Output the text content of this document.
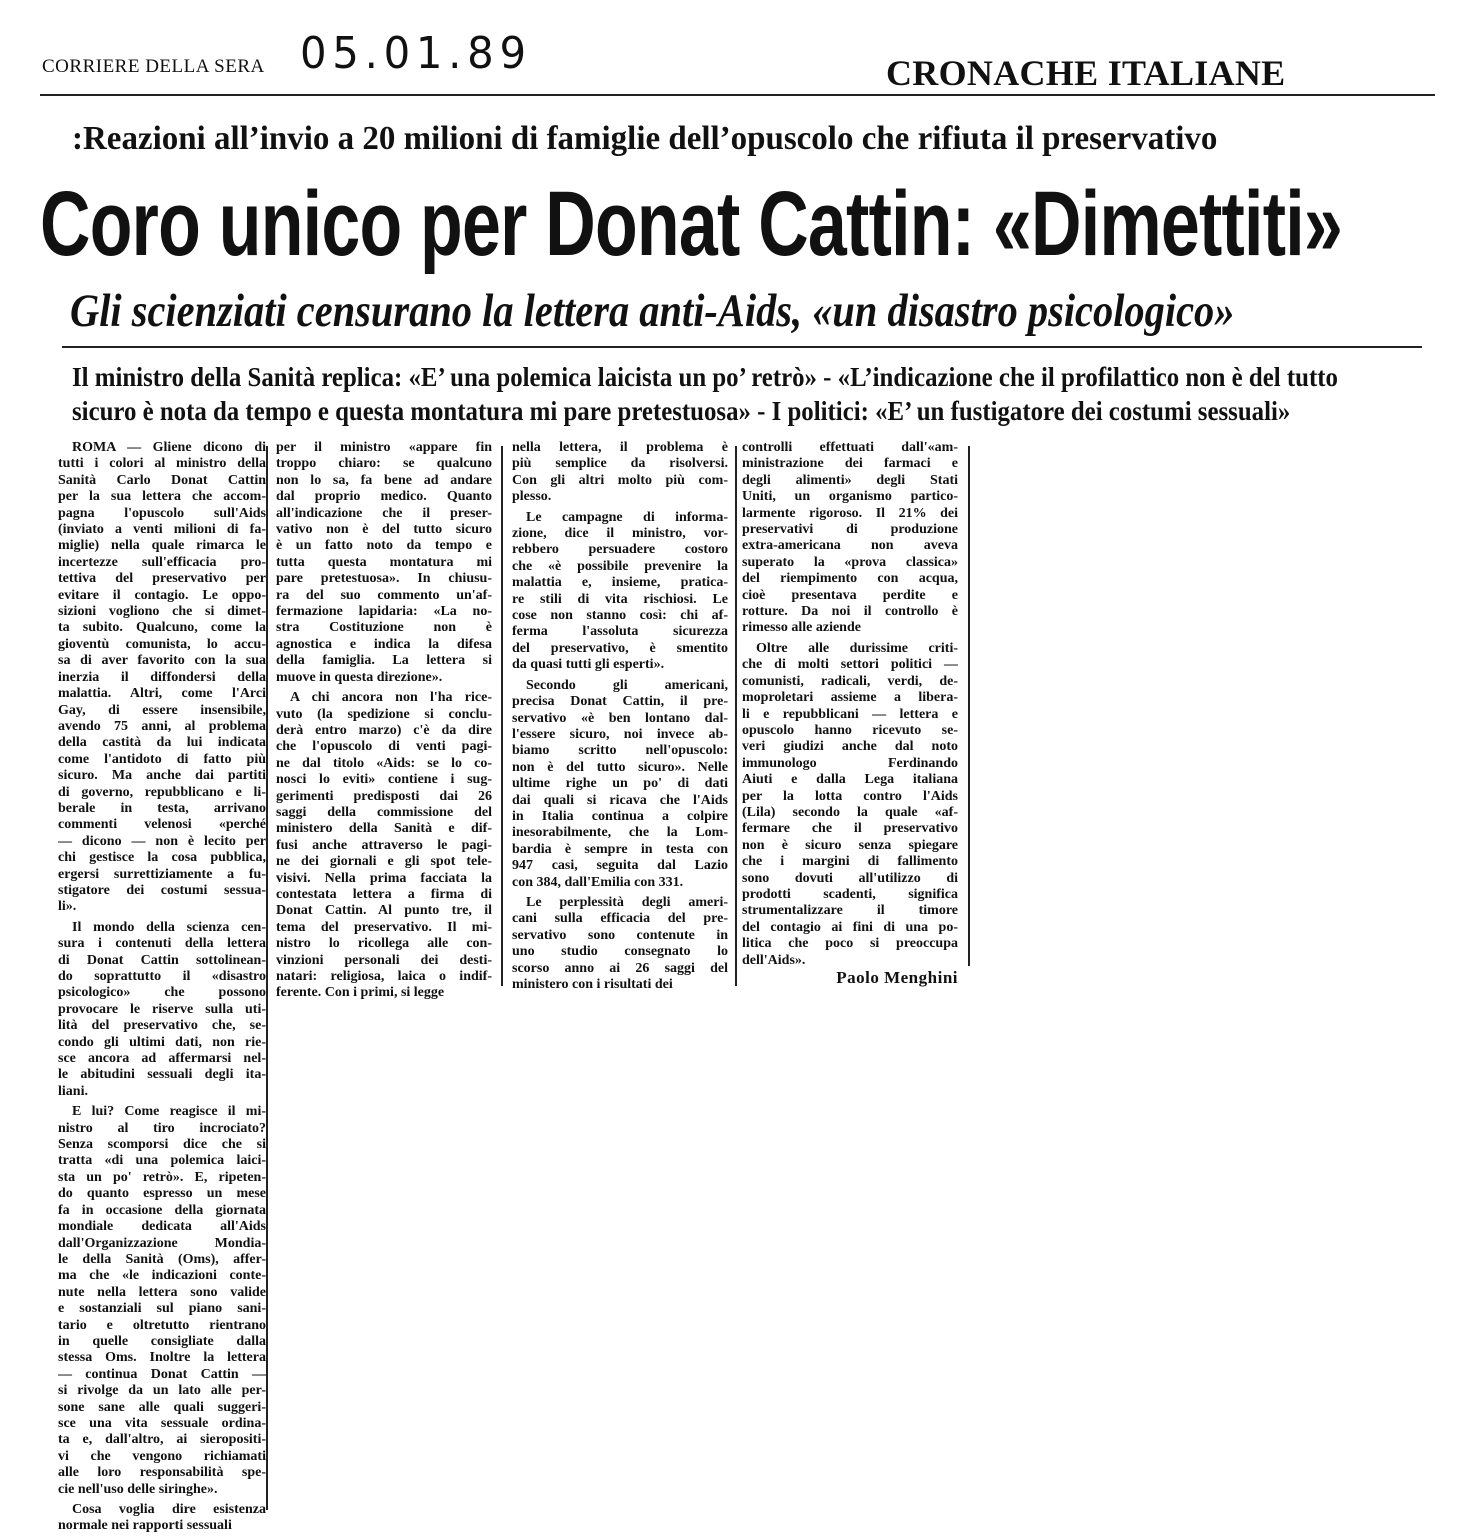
CORRIERE DELLA SERA 05.01.89	CRONACHE ITALIANE
:Reazioni all’invio a 20 milioni di famiglie dell’opuscolo che rifiuta il preservativo
Coro unico per Donat Cattin: «Dimettiti»
Gli scienziati censurano la lettera anti-Aids, «un disastro psicologico»
Il ministro della Sanità replica: «E’ una polemica laicista un po’ retrò» - «L’indicazione che il profilattico non è del tutto
sicuro è nota da tempo e questa montatura mi pare pretestuosa» - I politici: «E’ un fustigatore dei costumi sessuali»
ROMA — Gliene dicono di
tutti i colori al ministro della
Sanità Carlo Donat Cattin
per la sua lettera che accom-
pagna l'opuscolo sull'Aids
(inviato a venti milioni di fa-
miglie) nella quale rimarca le
incertezze sull'efficacia pro-
tettiva del preservativo per
evitare il contagio. Le oppo-
sizioni vogliono che si dimet-
ta subito. Qualcuno, come la
gioventù comunista, lo accu-
sa di aver favorito con la sua
inerzia il diffondersi della
malattia. Altri, come l'Arci
Gay, di essere insensibile,
avendo 75 anni, al problema
della castità da lui indicata
come l'antidoto di fatto più
sicuro. Ma anche dai partiti
di governo, repubblicano e li-
berale in testa, arrivano
commenti velenosi «perché
— dicono — non è lecito per
chi gestisce la cosa pubblica,
ergersi surrettiziamente a fu-
stigatore dei costumi sessua-
li».
Il mondo della scienza cen-
sura i contenuti della lettera
di Donat Cattin sottolinean-
do soprattutto il «disastro
psicologico» che possono
provocare le riserve sulla uti-
lità del preservativo che, se-
condo gli ultimi dati, non rie-
sce ancora ad affermarsi nel-
le abitudini sessuali degli ita-
liani.
E lui? Come reagisce il mi-
nistro al tiro incrociato?
Senza scomporsi dice che si
tratta «di una polemica laici-
sta un po' retrò». E, ripeten-
do quanto espresso un mese
fa in occasione della giornata
mondiale dedicata all'Aids
dall'Organizzazione Mondia-
le della Sanità (Oms), affer-
ma che «le indicazioni conte-
nute nella lettera sono valide
e sostanziali sul piano sani-
tario e oltretutto rientrano
in quelle consigliate dalla
stessa Oms. Inoltre la lettera
— continua Donat Cattin —
si rivolge da un lato alle per-
sone sane alle quali suggeri-
sce una vita sessuale ordina-
ta e, dall'altro, ai sieropositi-
vi che vengono richiamati
alle loro responsabilità spe-
cie nell'uso delle siringhe».
Cosa voglia dire esistenza
normale nei rapporti sessuali
per il ministro «appare fin
troppo chiaro: se qualcuno
non lo sa, fa bene ad andare
dal proprio medico. Quanto
all'indicazione che il preser-
vativo non è del tutto sicuro
è un fatto noto da tempo e
tutta questa montatura mi
pare pretestuosa». In chiusu-
ra del suo commento un'af-
fermazione lapidaria: «La no-
stra Costituzione non è
agnostica e indica la difesa
della famiglia. La lettera si
muove in questa direzione».
A chi ancora non l'ha rice-
vuto (la spedizione si conclu-
derà entro marzo) c'è da dire
che l'opuscolo di venti pagi-
ne dal titolo «Aids: se lo co-
nosci lo eviti» contiene i sug-
gerimenti predisposti dai 26
saggi della commissione del
ministero della Sanità e dif-
fusi anche attraverso le pagi-
ne dei giornali e gli spot tele-
visivi. Nella prima facciata la
contestata lettera a firma di
Donat Cattin. Al punto tre, il
tema del preservativo. Il mi-
nistro lo ricollega alle con-
vinzioni personali dei desti-
natari: religiosa, laica o indif-
ferente. Con i primi, si legge
nella lettera, il problema è
più semplice da risolversi.
Con gli altri molto più com-
plesso.
Le campagne di informa-
zione, dice il ministro, vor-
rebbero persuadere costoro
che «è possibile prevenire la
malattia e, insieme, pratica-
re stili di vita rischiosi. Le
cose non stanno così: chi af-
ferma l'assoluta sicurezza
del preservativo, è smentito
da quasi tutti gli esperti».
Secondo gli americani,
precisa Donat Cattin, il pre-
servativo «è ben lontano dal-
l'essere sicuro, noi invece ab-
biamo scritto nell'opuscolo:
non è del tutto sicuro». Nelle
ultime righe un po' di dati
dai quali si ricava che l'Aids
in Italia continua a colpire
inesorabilmente, che la Lom-
bardia è sempre in testa con
947 casi, seguita dal Lazio
con 384, dall'Emilia con 331.
Le perplessità degli ameri-
cani sulla efficacia del pre-
servativo sono contenute in
uno studio consegnato lo
scorso anno ai 26 saggi del
ministero con i risultati dei
controlli effettuati dall'«am-
ministrazione dei farmaci e
degli alimenti» degli Stati
Uniti, un organismo partico-
larmente rigoroso. Il 21% dei
preservativi di produzione
extra-americana non aveva
superato la «prova classica»
del riempimento con acqua,
cioè presentava perdite e
rotture. Da noi il controllo è
rimesso alle aziende
Oltre alle durissime criti-
che di molti settori politici —
comunisti, radicali, verdi, de-
moproletari assieme a libera-
li e repubblicani — lettera e
opuscolo hanno ricevuto se-
veri giudizi anche dal noto
immunologo Ferdinando
Aiuti e dalla Lega italiana
per la lotta contro l'Aids
(Lila) secondo la quale «af-
fermare che il preservativo
non è sicuro senza spiegare
che i margini di fallimento
sono dovuti all'utilizzo di
prodotti scadenti, significa
strumentalizzare il timore
del contagio ai fini di una po-
litica che poco si preoccupa
dell'Aids».
Paolo Menghini
